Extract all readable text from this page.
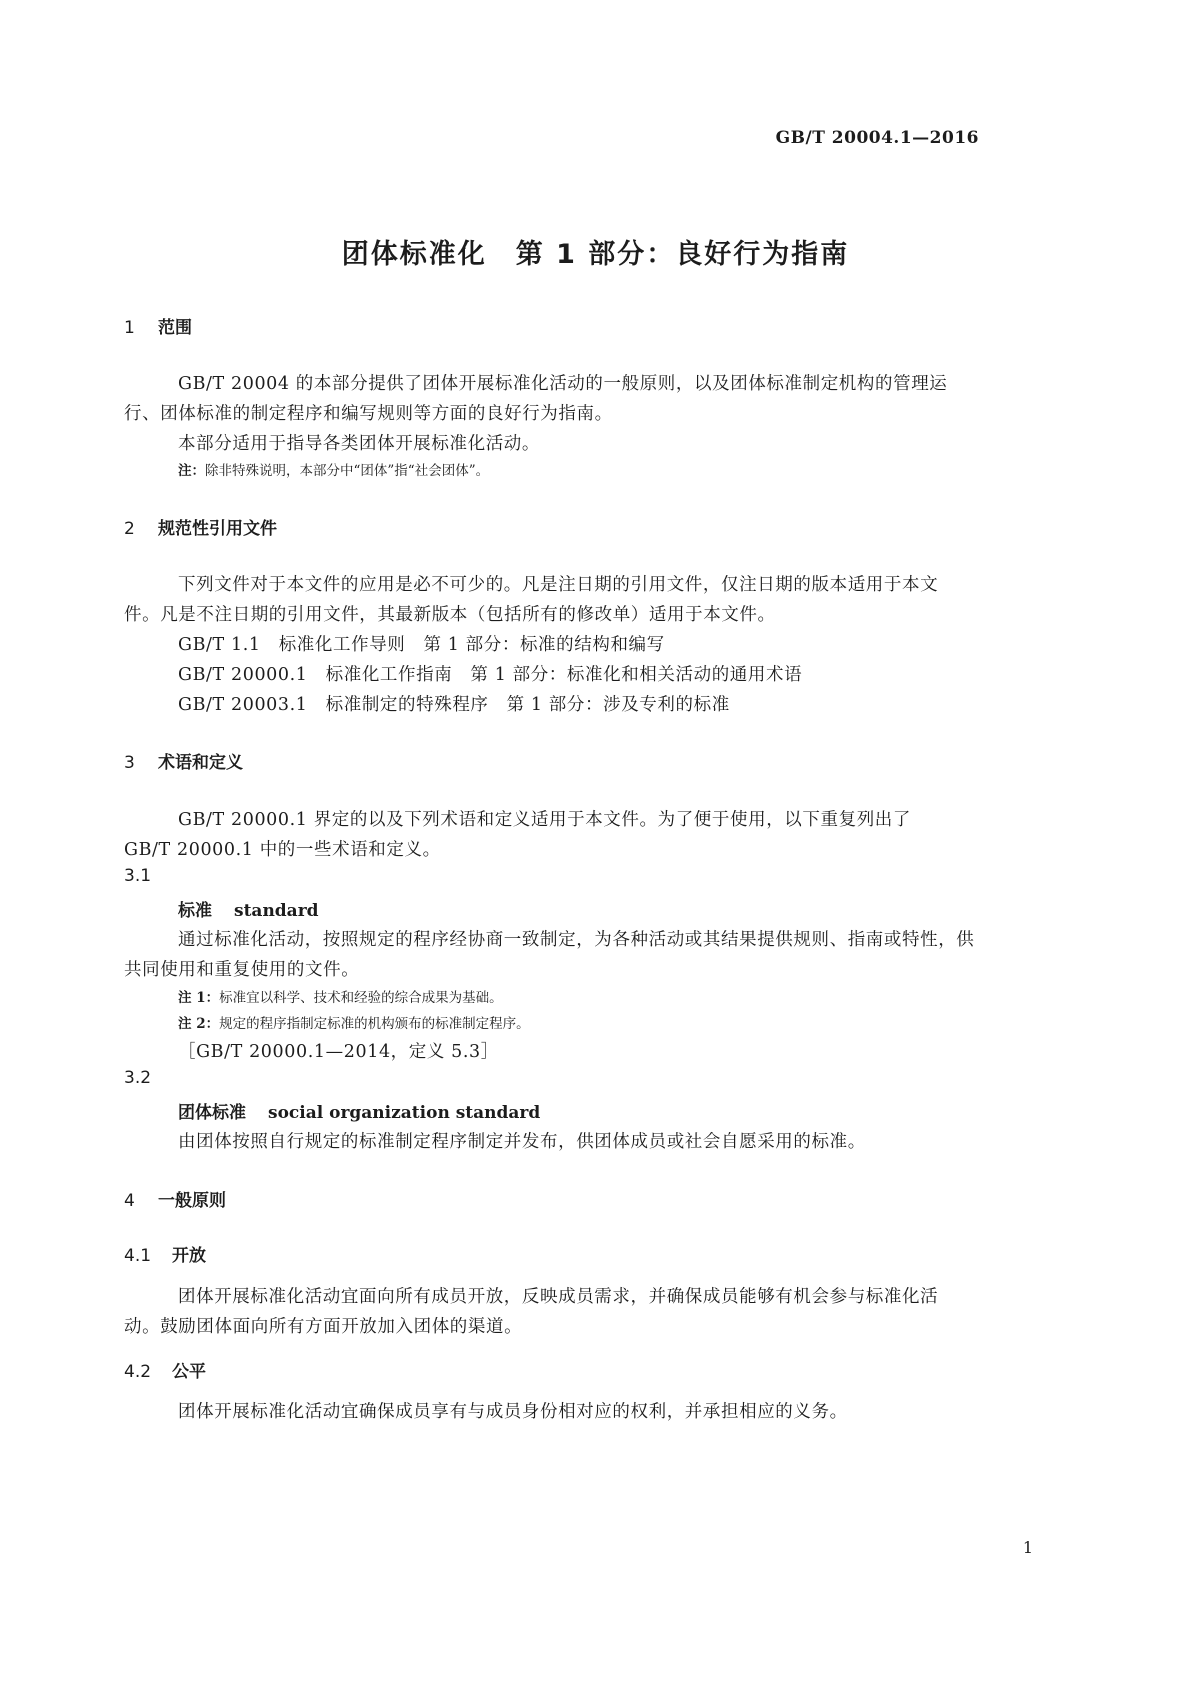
GB/T 20004.1—2016
团体标准化　第 1 部分：良好行为指南
1 范围
GB/T 20004 的本部分提供了团体开展标准化活动的一般原则，以及团体标准制定机构的管理运
行、团体标准的制定程序和编写规则等方面的良好行为指南。
本部分适用于指导各类团体开展标准化活动。
注：除非特殊说明，本部分中“团体”指“社会团体”。
2 规范性引用文件
下列文件对于本文件的应用是必不可少的。凡是注日期的引用文件，仅注日期的版本适用于本文
件。凡是不注日期的引用文件，其最新版本（包括所有的修改单）适用于本文件。
GB/T 1.1　标准化工作导则　第 1 部分：标准的结构和编写
GB/T 20000.1　标准化工作指南　第 1 部分：标准化和相关活动的通用术语
GB/T 20003.1　标准制定的特殊程序　第 1 部分：涉及专利的标准
3 术语和定义
GB/T 20000.1 界定的以及下列术语和定义适用于本文件。为了便于使用，以下重复列出了
GB/T 20000.1 中的一些术语和定义。
3.1
标准 standard
通过标准化活动，按照规定的程序经协商一致制定，为各种活动或其结果提供规则、指南或特性，供
共同使用和重复使用的文件。
注 1：标准宜以科学、技术和经验的综合成果为基础。
注 2：规定的程序指制定标准的机构颁布的标准制定程序。
［GB/T 20000.1—2014，定义 5.3］
3.2
团体标准 social organization standard
由团体按照自行规定的标准制定程序制定并发布，供团体成员或社会自愿采用的标准。
4 一般原则
4.1 开放
团体开展标准化活动宜面向所有成员开放，反映成员需求，并确保成员能够有机会参与标准化活
动。鼓励团体面向所有方面开放加入团体的渠道。
4.2 公平
团体开展标准化活动宜确保成员享有与成员身份相对应的权利，并承担相应的义务。
1
